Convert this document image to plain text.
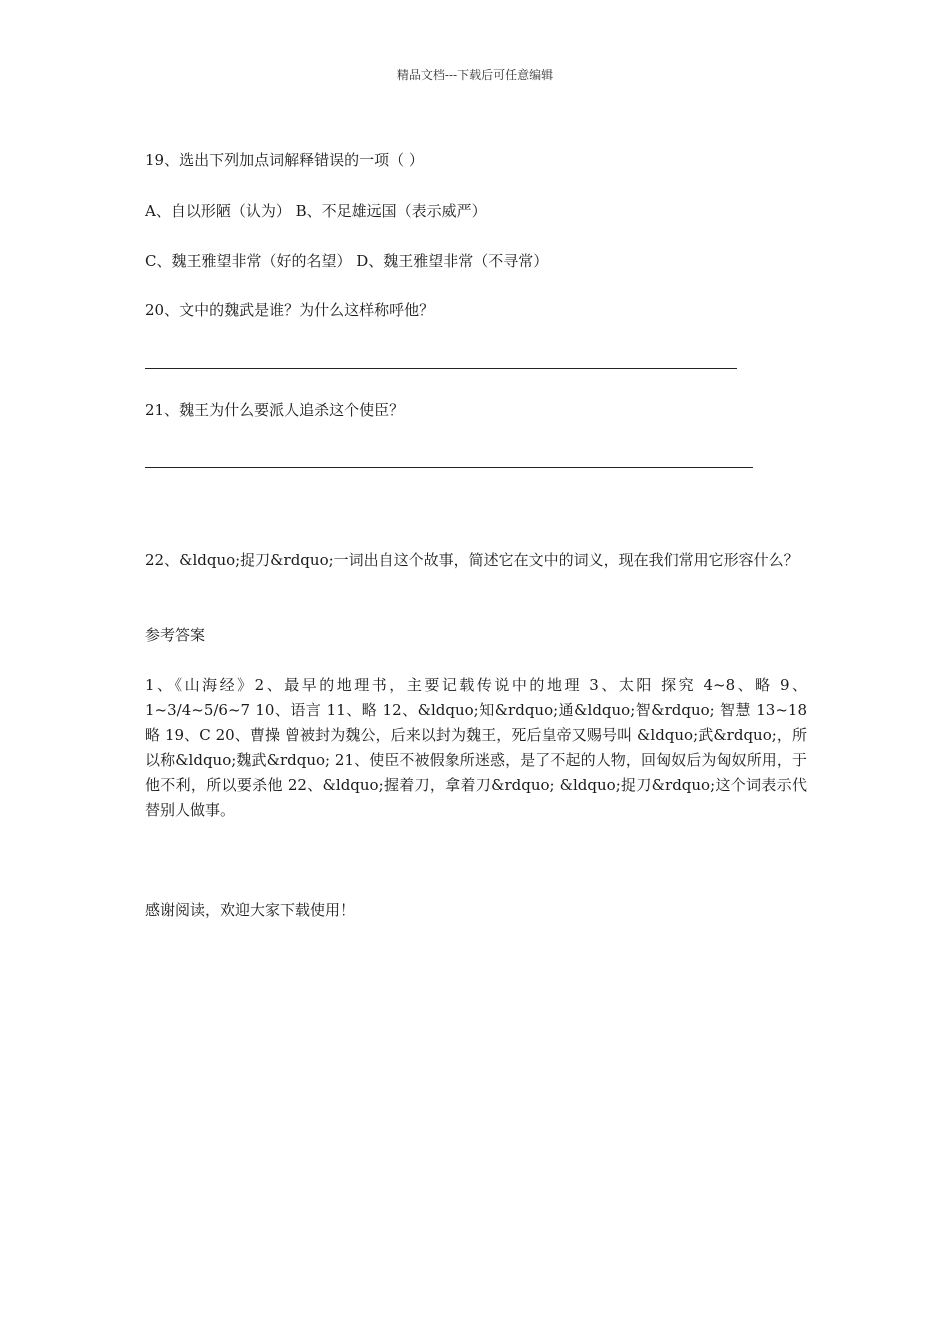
精品文档---下载后可任意编辑
19、选出下列加点词解释错误的一项（ ）
A、自以形陋（认为） B、不足雄远国（表示威严）
C、魏王雅望非常（好的名望） D、魏王雅望非常（不寻常）
20、文中的魏武是谁？为什么这样称呼他？
21、魏王为什么要派人追杀这个使臣？
22、&ldquo;捉刀&rdquo;一词出自这个故事，简述它在文中的词义，现在我们常用它形容什么？
参考答案
1、《山海经》2、最早的地理书，主要记载传说中的地理 3、太阳 探究 4~8、略 9、1~3/4~5/6~7 10、语言 11、略 12、&ldquo;知&rdquo;通&ldquo;智&rdquo; 智慧 13~18略 19、C 20、曹操 曾被封为魏公，后来以封为魏王，死后皇帝又赐号叫 &ldquo;武&rdquo;，所以称&ldquo;魏武&rdquo; 21、使臣不被假象所迷惑，是了不起的人物，回匈奴后为匈奴所用，于他不利，所以要杀他 22、&ldquo;握着刀，拿着刀&rdquo; &ldquo;捉刀&rdquo;这个词表示代替别人做事。
感谢阅读，欢迎大家下载使用！
